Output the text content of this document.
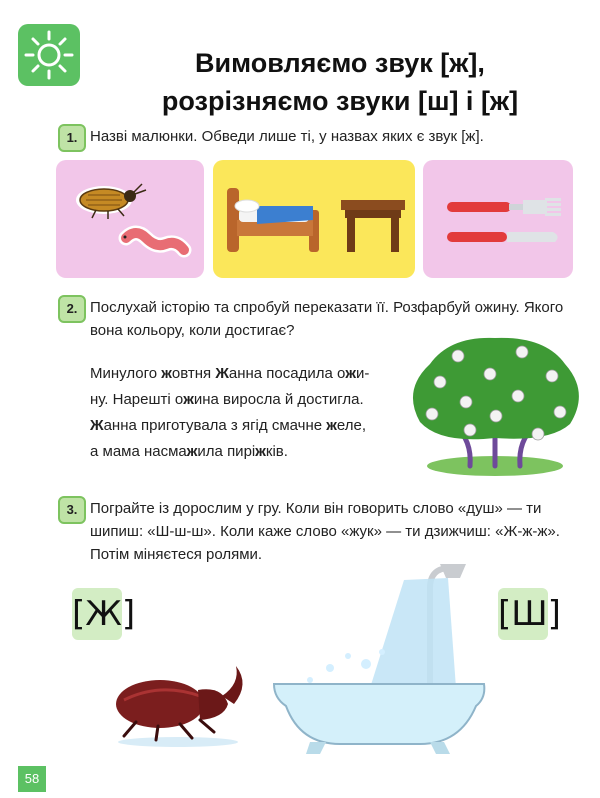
Вимовляємо звук [ж],
розрізняємо звуки [ш] і [ж]
1. Назві малюнки. Обведи лише ті, у назвах яких є звук [ж].
2. Послухай історію та спробуй переказати її. Розфарбуй ожину. Якого вона кольору, коли достигає?
Минулого жовтня Жанна посадила ожи-
ну. Нарешті ожина виросла й достигла.
Жанна приготувала з ягід смачне желе,
а мама насмажила пиріжків.
3. Пограйте із дорослим у гру. Коли він говорить слово «душ» — ти шипиш: «Ш-ш-ш». Коли каже слово «жук» — ти дзижчиш: «Ж-ж-ж». Потім міняєтеся ролями.
[Ж]	[Ш]
58
